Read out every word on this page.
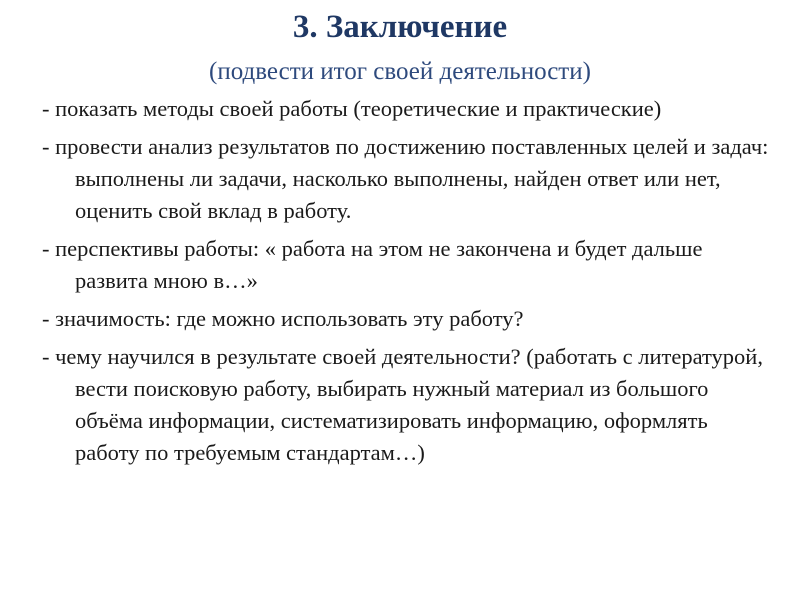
3. Заключение
(подвести итог своей деятельности)
- показать методы своей работы (теоретические и практические)
- провести анализ результатов по достижению поставленных целей и задач: выполнены ли задачи, насколько выполнены, найден ответ или нет, оценить свой вклад в работу.
- перспективы работы: « работа на этом не закончена и будет дальше развита мною в…»
- значимость: где можно использовать эту работу?
- чему научился в результате своей деятельности? (работать с литературой, вести поисковую работу, выбирать нужный материал из большого объёма информации, систематизировать информацию, оформлять работу по требуемым стандартам…)
